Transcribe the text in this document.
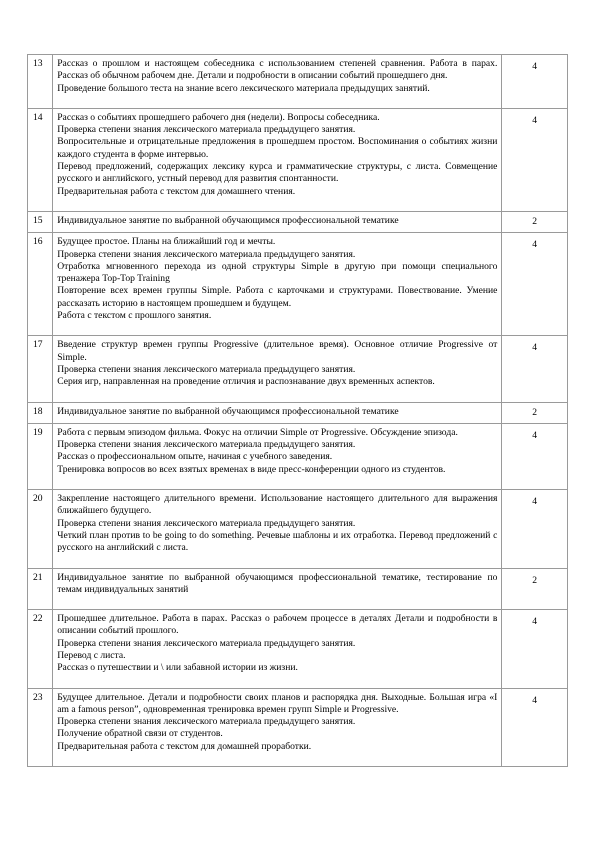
13	Рассказ о прошлом и настоящем собеседника с использованием степеней сравнения. Работа в парах. Рассказ об обычном рабочем дне. Детали и подробности в описании событий прошедшего дня.
Проведение большого теста на знание всего лексического материала предыдущих занятий.	4
14	Рассказ о событиях прошедшего рабочего дня (недели). Вопросы собеседника.
Проверка степени знания лексического материала предыдущего занятия.
Вопросительные и отрицательные предложения в прошедшем простом. Воспоминания о событиях жизни каждого студента в форме интервью.
Перевод предложений, содержащих лексику курса и грамматические структуры, с листа. Совмещение русского и английского, устный перевод для развития спонтанности.
Предварительная работа с текстом для домашнего чтения.	4
15	Индивидуальное занятие по выбранной обучающимся профессиональной тематике	2
16	Будущее простое. Планы на ближайший год и мечты.
Проверка степени знания лексического материала предыдущего занятия.
Отработка мгновенного перехода из одной структуры Simple в другую при помощи специального тренажера Top-Top Training
Повторение всех времен группы Simple. Работа с карточками и структурами. Повествование. Умение рассказать историю в настоящем прошедшем и будущем.
Работа с текстом с прошлого занятия.	4
17	Введение структур времен группы Progressive (длительное время). Основное отличие Progressive от Simple.
Проверка степени знания лексического материала предыдущего занятия.
Серия игр, направленная на проведение отличия и распознавание двух временных аспектов.	4
18	Индивидуальное занятие по выбранной обучающимся профессиональной тематике	2
19	Работа с первым эпизодом фильма. Фокус на отличии Simple от Progressive. Обсуждение эпизода.
Проверка степени знания лексического материала предыдущего занятия.
Рассказ о профессиональном опыте, начиная с учебного заведения.
Тренировка вопросов во всех взятых временах в виде пресс-конференции одного из студентов.	4
20	Закрепление настоящего длительного времени. Использование настоящего длительного для выражения ближайшего будущего.
Проверка степени знания лексического материала предыдущего занятия.
Четкий план против to be going to do something. Речевые шаблоны и их отработка. Перевод предложений с русского на английский с листа.	4
21	Индивидуальное занятие по выбранной обучающимся профессиональной тематике, тестирование по темам индивидуальных занятий	2
22	Прошедшее длительное. Работа в парах. Рассказ о рабочем процессе в деталях Детали и подробности в описании событий прошлого.
Проверка степени знания лексического материала предыдущего занятия.
Перевод с листа.
Рассказ о путешествии и \ или забавной истории из жизни.	4
23	Будущее длительное. Детали и подробности своих планов и распорядка дня. Выходные. Большая игра «I am a famous person”, одновременная тренировка времен групп Simple и Progressive.
Проверка степени знания лексического материала предыдущего занятия.
Получение обратной связи от студентов.
Предварительная работа с текстом для домашней проработки.	4
